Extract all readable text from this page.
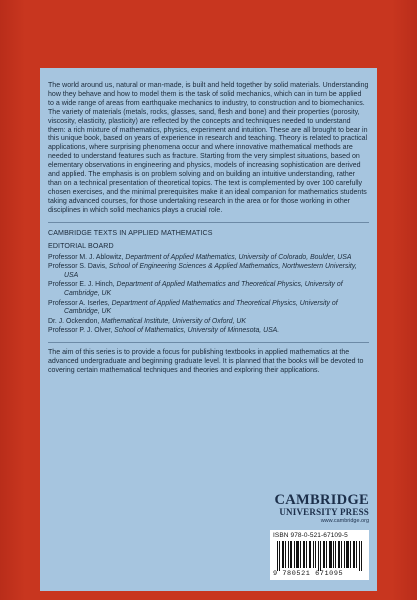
The world around us, natural or man-made, is built and held together by solid materials. Understanding how they behave and how to model them is the task of solid mechanics, which can in turn be applied to a wide range of areas from earthquake mechanics to industry, to construction and to biomechanics. The variety of materials (metals, rocks, glasses, sand, flesh and bone) and their properties (porosity, viscosity, elasticity, plasticity) are reflected by the concepts and techniques needed to understand them: a rich mixture of mathematics, physics, experiment and intuition. These are all brought to bear in this unique book, based on years of experience in research and teaching. Theory is related to practical applications, where surprising phenomena occur and where innovative mathematical methods are needed to understand features such as fracture. Starting from the very simplest situations, based on elementary observations in engineering and physics, models of increasing sophistication are derived and applied. The emphasis is on problem solving and on building an intuitive understanding, rather than on a technical presentation of theoretical topics. The text is complemented by over 100 carefully chosen exercises, and the minimal prerequisites make it an ideal companion for mathematics students taking advanced courses, for those undertaking research in the area or for those working in other disciplines in which solid mechanics plays a crucial role.

CAMBRIDGE TEXTS IN APPLIED MATHEMATICS
EDITORIAL BOARD
Professor M. J. Ablowitz, Department of Applied Mathematics, University of Colorado, Boulder, USA
Professor S. Davis, School of Engineering Sciences & Applied Mathematics, Northwestern University, USA
Professor E. J. Hinch, Department of Applied Mathematics and Theoretical Physics, University of Cambridge, UK
Professor A. Iserles, Department of Applied Mathematics and Theoretical Physics, University of Cambridge, UK
Dr. J. Ockendon, Mathematical Institute, University of Oxford, UK
Professor P. J. Olver, School of Mathematics, University of Minnesota, USA.

The aim of this series is to provide a focus for publishing textbooks in applied mathematics at the advanced undergraduate and beginning graduate level. It is planned that the books will be devoted to covering certain mathematical techniques and theories and exploring their applications.

CAMBRIDGE
UNIVERSITY PRESS
www.cambridge.org
ISBN 978-0-521-67109-5
9 780521 671095
